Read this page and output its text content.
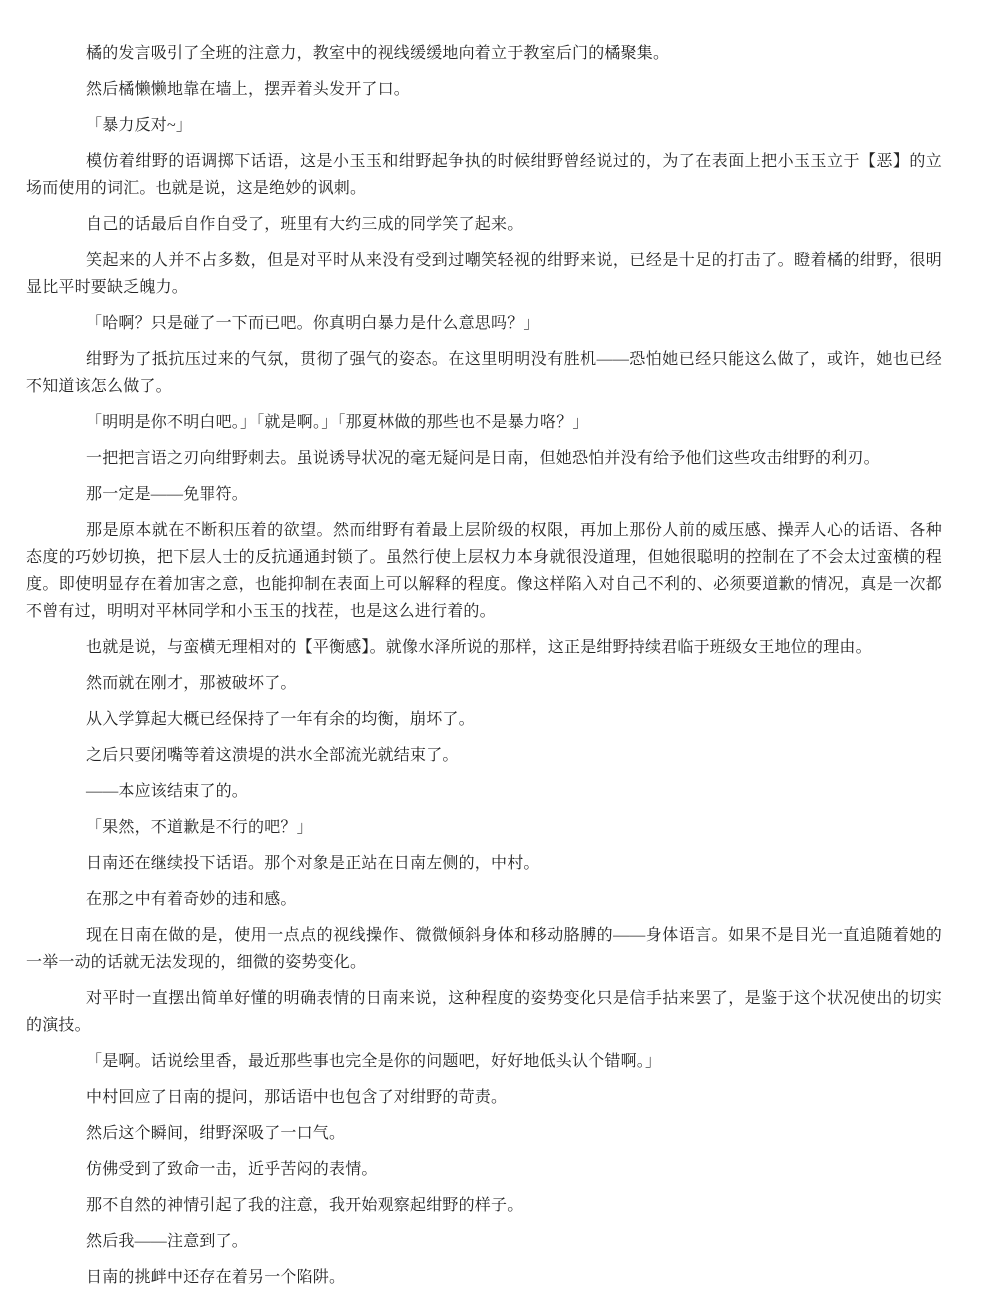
橘的发言吸引了全班的注意力，教室中的视线缓缓地向着立于教室后门的橘聚集。

然后橘懒懒地靠在墙上，摆弄着头发开了口。

「暴力反对~」

模仿着绀野的语调掷下话语，这是小玉玉和绀野起争执的时候绀野曾经说过的，为了在表面上把小玉玉立于【恶】的立场而使用的词汇。也就是说，这是绝妙的讽刺。

自己的话最后自作自受了，班里有大约三成的同学笑了起来。

笑起来的人并不占多数，但是对平时从来没有受到过嘲笑轻视的绀野来说，已经是十足的打击了。瞪着橘的绀野，很明显比平时要缺乏魄力。

「哈啊？只是碰了一下而已吧。你真明白暴力是什么意思吗？」

绀野为了抵抗压过来的气氛，贯彻了强气的姿态。在这里明明没有胜机——恐怕她已经只能这么做了，或许，她也已经不知道该怎么做了。

「明明是你不明白吧。」「就是啊。」「那夏林做的那些也不是暴力咯？」

一把把言语之刃向绀野刺去。虽说诱导状况的毫无疑问是日南，但她恐怕并没有给予他们这些攻击绀野的利刃。

那一定是——免罪符。

那是原本就在不断积压着的欲望。然而绀野有着最上层阶级的权限，再加上那份人前的威压感、操弄人心的话语、各种态度的巧妙切换，把下层人士的反抗通通封锁了。虽然行使上层权力本身就很没道理，但她很聪明的控制在了不会太过蛮横的程度。即使明显存在着加害之意，也能抑制在表面上可以解释的程度。像这样陷入对自己不利的、必须要道歉的情况，真是一次都不曾有过，明明对平林同学和小玉玉的找茬，也是这么进行着的。

也就是说，与蛮横无理相对的【平衡感】。就像水泽所说的那样，这正是绀野持续君临于班级女王地位的理由。

然而就在刚才，那被破坏了。

从入学算起大概已经保持了一年有余的均衡，崩坏了。

之后只要闭嘴等着这溃堤的洪水全部流光就结束了。

——本应该结束了的。

「果然，不道歉是不行的吧？」

日南还在继续投下话语。那个对象是正站在日南左侧的，中村。

在那之中有着奇妙的违和感。

现在日南在做的是，使用一点点的视线操作、微微倾斜身体和移动胳膊的——身体语言。如果不是目光一直追随着她的一举一动的话就无法发现的，细微的姿势变化。

对平时一直摆出简单好懂的明确表情的日南来说，这种程度的姿势变化只是信手拈来罢了，是鉴于这个状况使出的切实的演技。

「是啊。话说绘里香，最近那些事也完全是你的问题吧，好好地低头认个错啊。」

中村回应了日南的提问，那话语中也包含了对绀野的苛责。

然后这个瞬间，绀野深吸了一口气。

仿佛受到了致命一击，近乎苦闷的表情。

那不自然的神情引起了我的注意，我开始观察起绀野的样子。

然后我——注意到了。

日南的挑衅中还存在着另一个陷阱。
